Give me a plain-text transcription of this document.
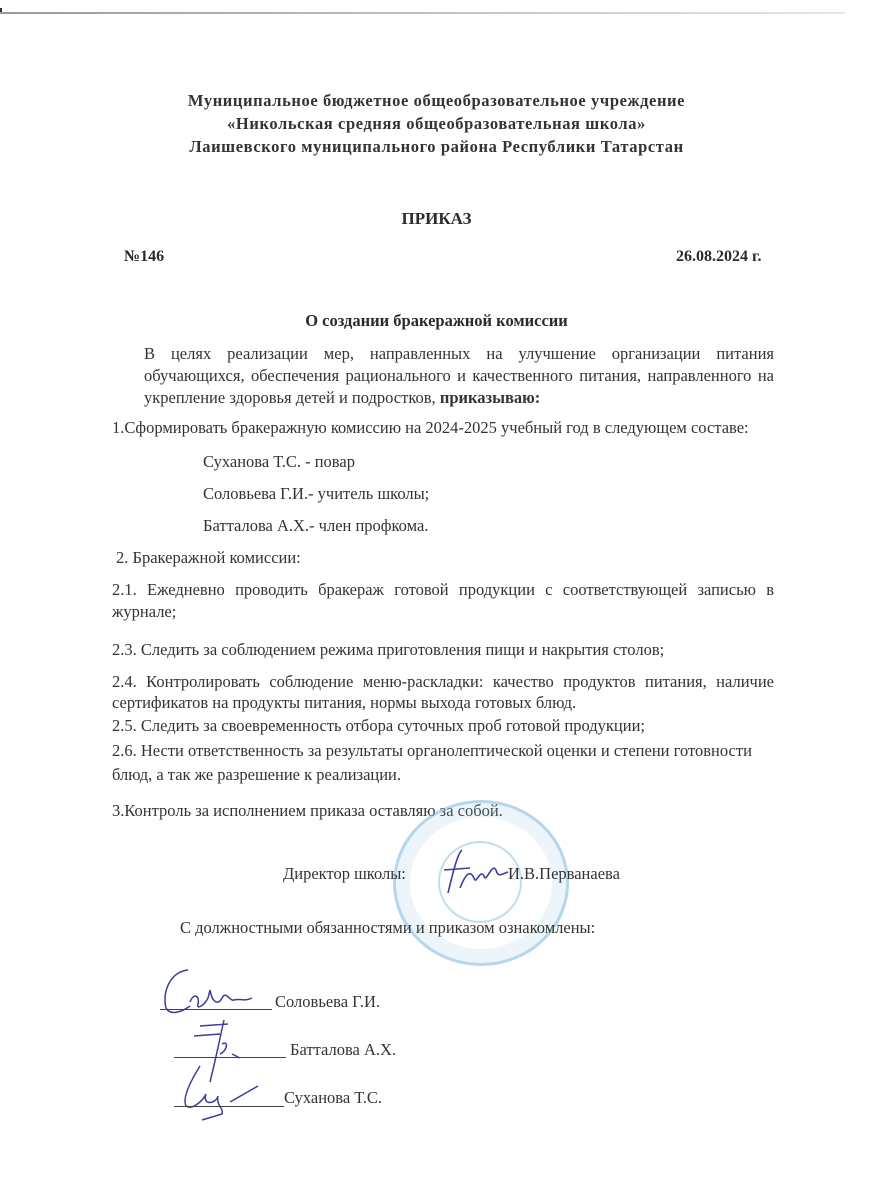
Муниципальное бюджетное общеобразовательное учреждение
«Никольская средняя общеобразовательная школа»
Лаишевского муниципального района Республики Татарстан
ПРИКАЗ
№146	26.08.2024 г.
О создании бракеражной комиссии
В целях реализации мер, направленных на улучшение организации питания обучающихся, обеспечения рационального и качественного питания, направленного на укрепление здоровья детей и подростков, приказываю:
1.Сформировать бракеражную комиссию на 2024-2025 учебный год в следующем составе:
Суханова Т.С. - повар
Соловьева Г.И.- учитель школы;
Батталова А.Х.- член профкома.
2. Бракеражной комиссии:
2.1. Ежедневно проводить бракераж готовой продукции с соответствующей записью в
журнале;
2.3. Следить за соблюдением режима приготовления пищи и накрытия столов;
2.4. Контролировать соблюдение меню-раскладки: качество продуктов питания, наличие
сертификатов на продукты питания, нормы выхода готовых блюд.
2.5. Следить за своевременность отбора суточных проб готовой продукции;
2.6. Нести ответственность за результаты органолептической оценки и степени готовности
блюд, а так же разрешение к реализации.
3.Контроль за исполнением приказа оставляю за собой.
Директор школы:	И.В.Перванаева
С должностными обязанностями и приказом ознакомлены:
Соловьева Г.И.
Батталова А.Х.
Суханова Т.С.
